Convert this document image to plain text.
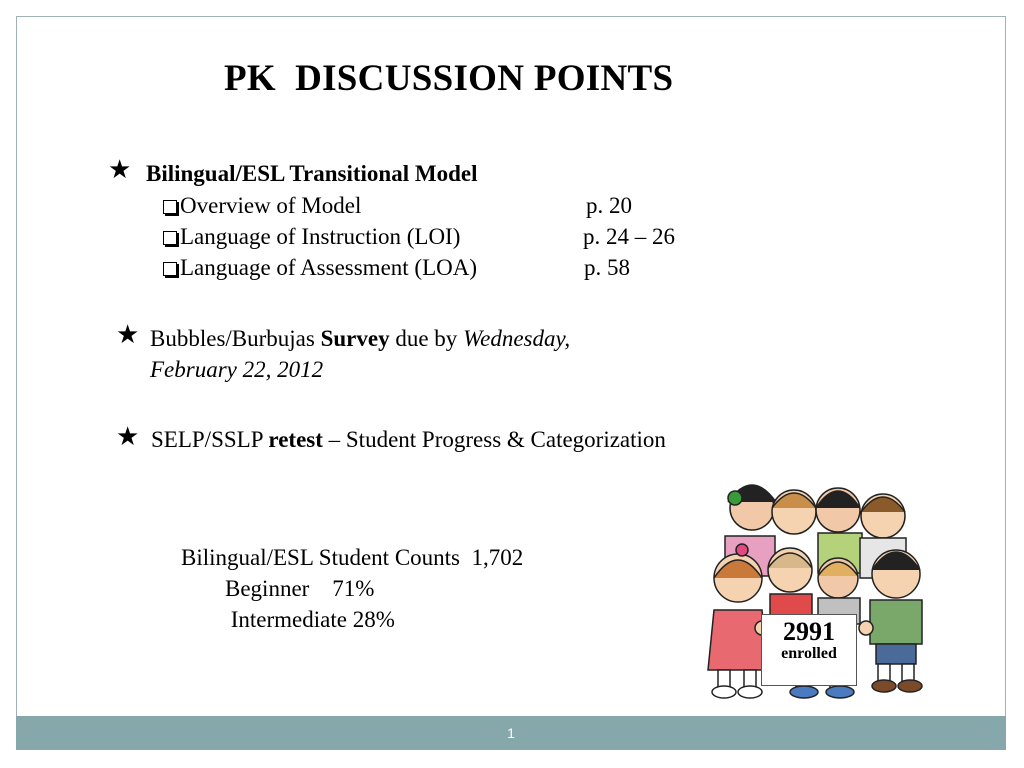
PK  DISCUSSION POINTS
★ Bilingual/ESL Transitional Model
Overview of Model	p. 20
Language of Instruction (LOI)	p. 24 – 26
Language of Assessment (LOA)	p. 58
★ Bubbles/Burbujas Survey due by Wednesday,
February 22, 2012
★ SELP/SSLP retest – Student Progress & Categorization
Bilingual/ESL Student Counts  1,702
Beginner    71%
Intermediate 28%	2991
enrolled
1
